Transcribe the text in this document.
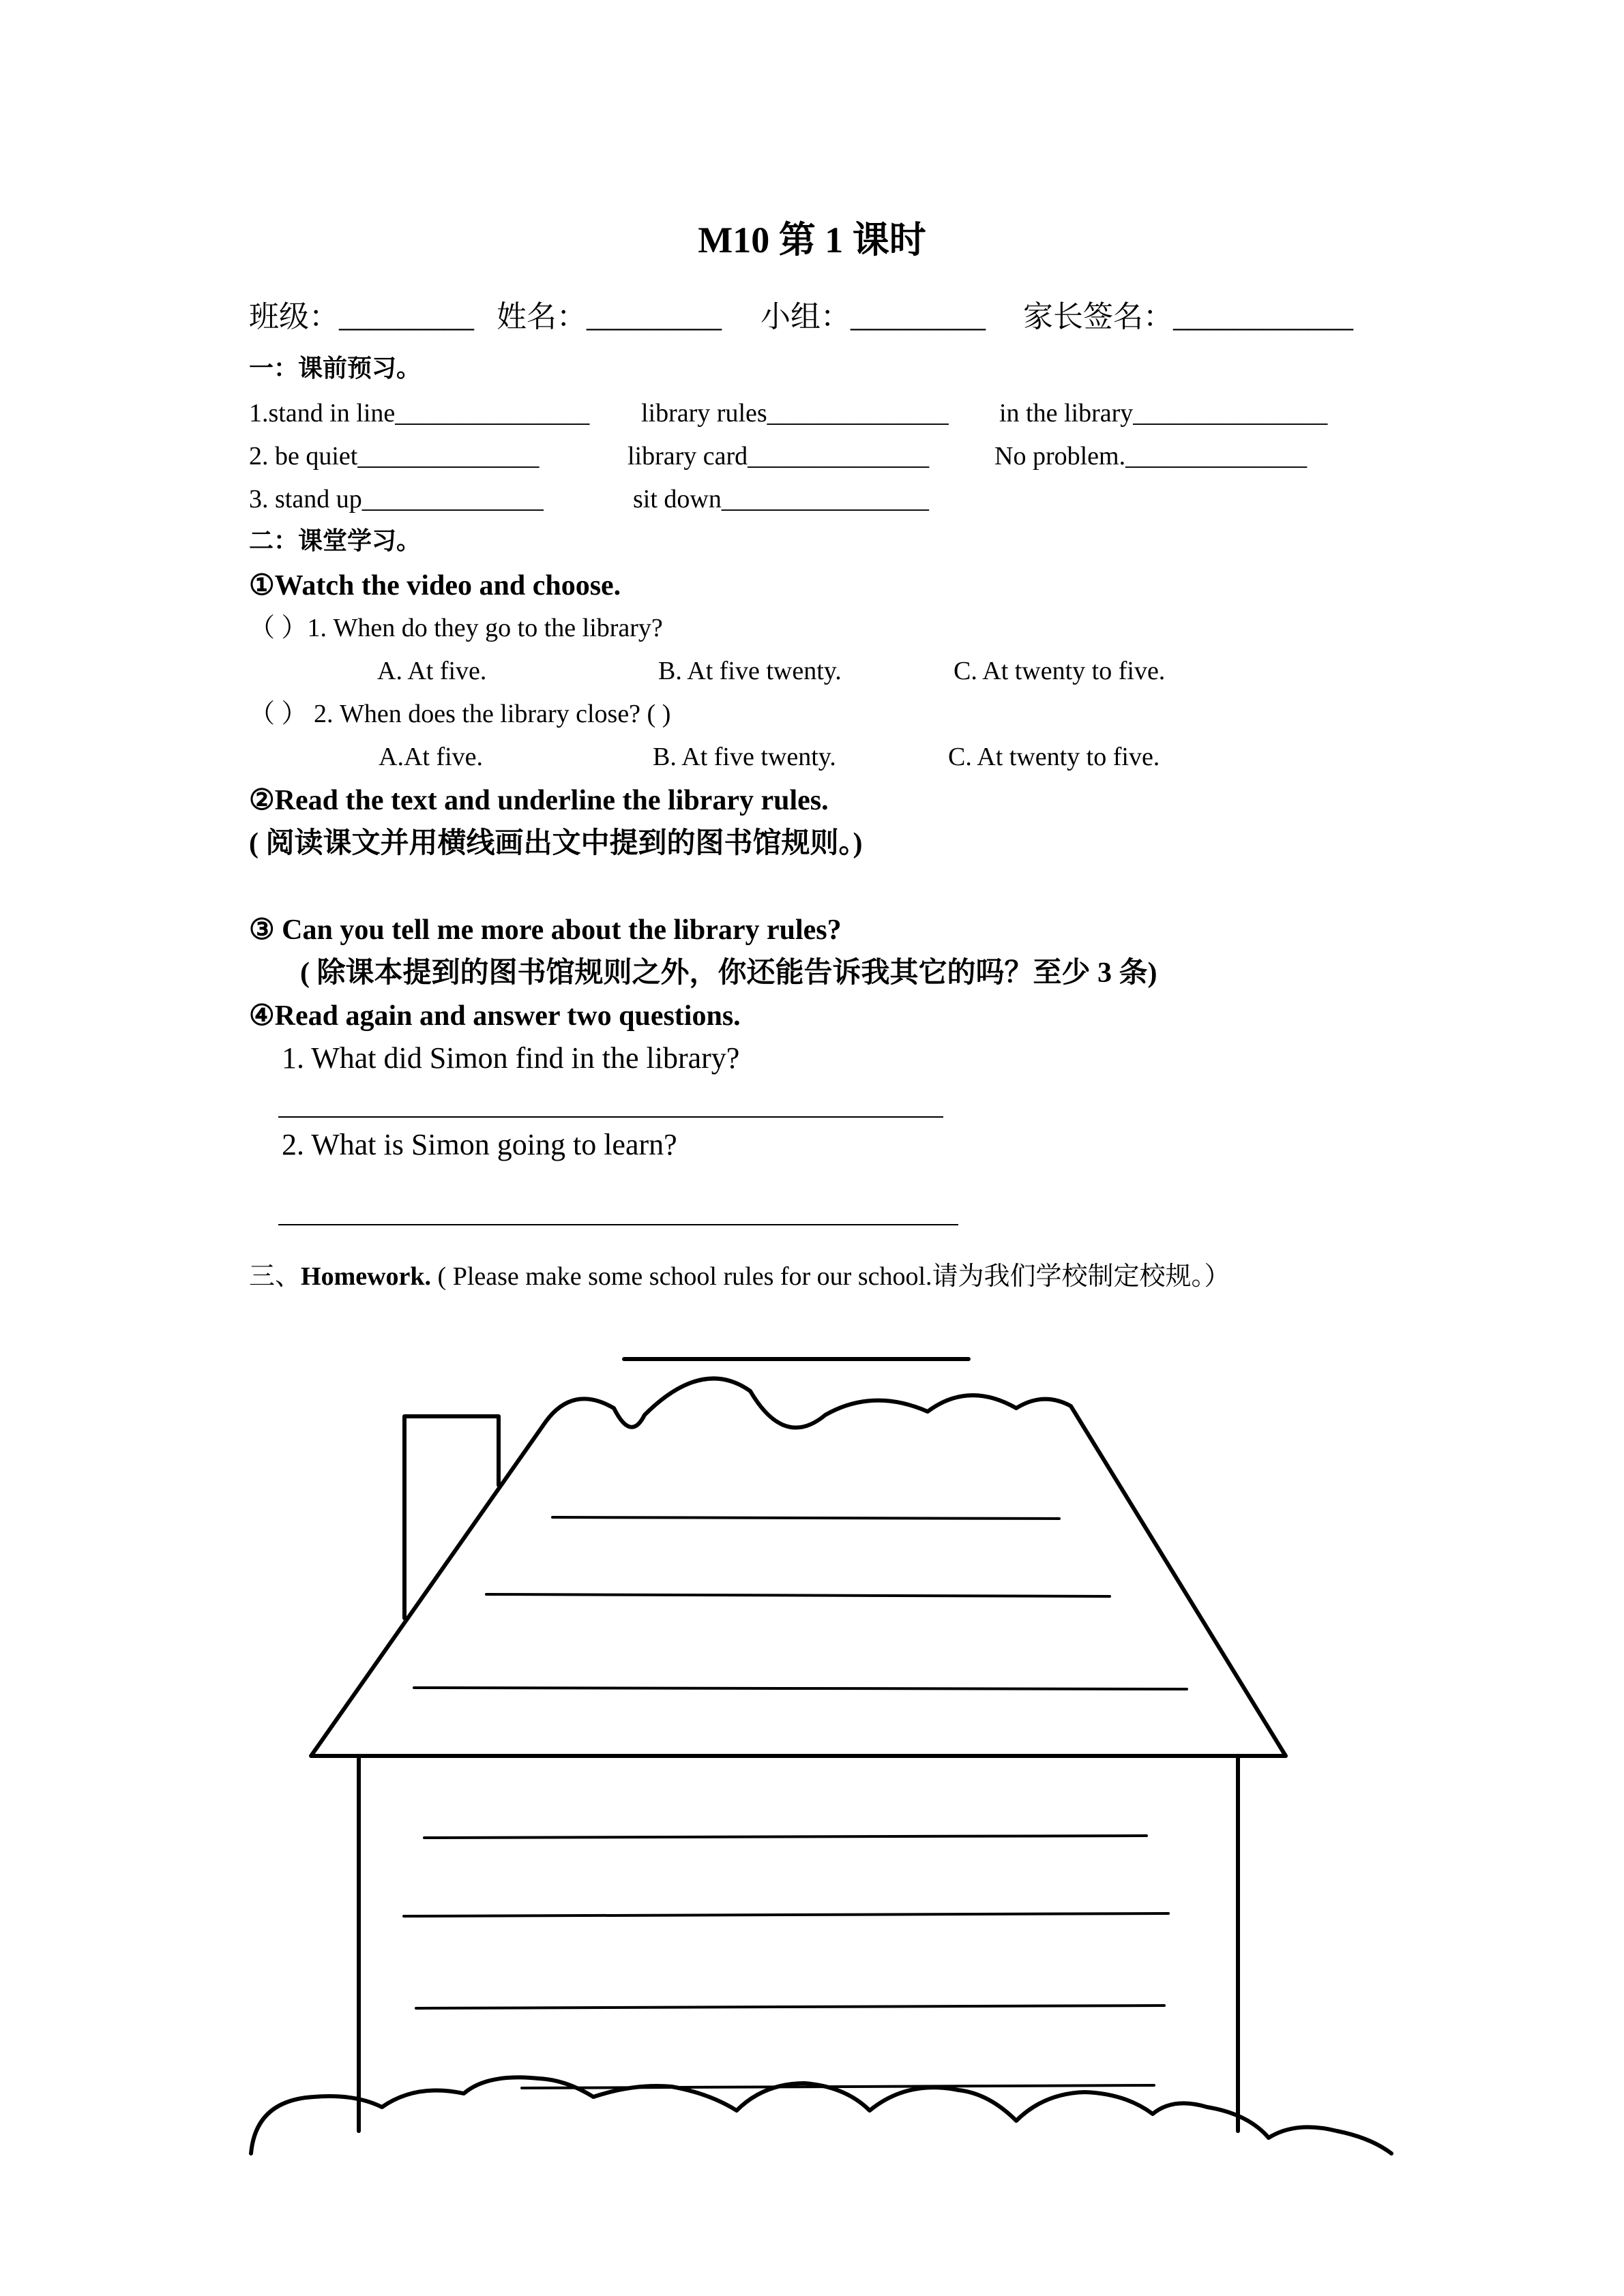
M10 第 1 课时
班级：_________ 姓名：_________ 小组：_________ 家长签名：____________
一：课前预习。
1.stand in line_______________ library rules______________ in the library_______________
2. be quiet______________	library card______________	No problem.______________
3. stand up______________	sit down________________
二：课堂学习。
①Watch the video and choose.
（ ）1. When do they go to the library?
A. At five.	B. At five twenty.	C. At twenty to five.
（ ） 2. When does the library close? ( )
A.At five.	B. At five twenty.	C. At twenty to five.
②Read the text and underline the library rules.
( 阅读课文并用横线画出文中提到的图书馆规则。)
③ Can you tell me more about the library rules?
( 除课本提到的图书馆规则之外，你还能告诉我其它的吗？至少 3 条)
④Read again and answer two questions.
1. What did Simon find in the library?
2. What is Simon going to learn?
三、Homework. ( Please make some school rules for our school.请为我们学校制定校规。）
